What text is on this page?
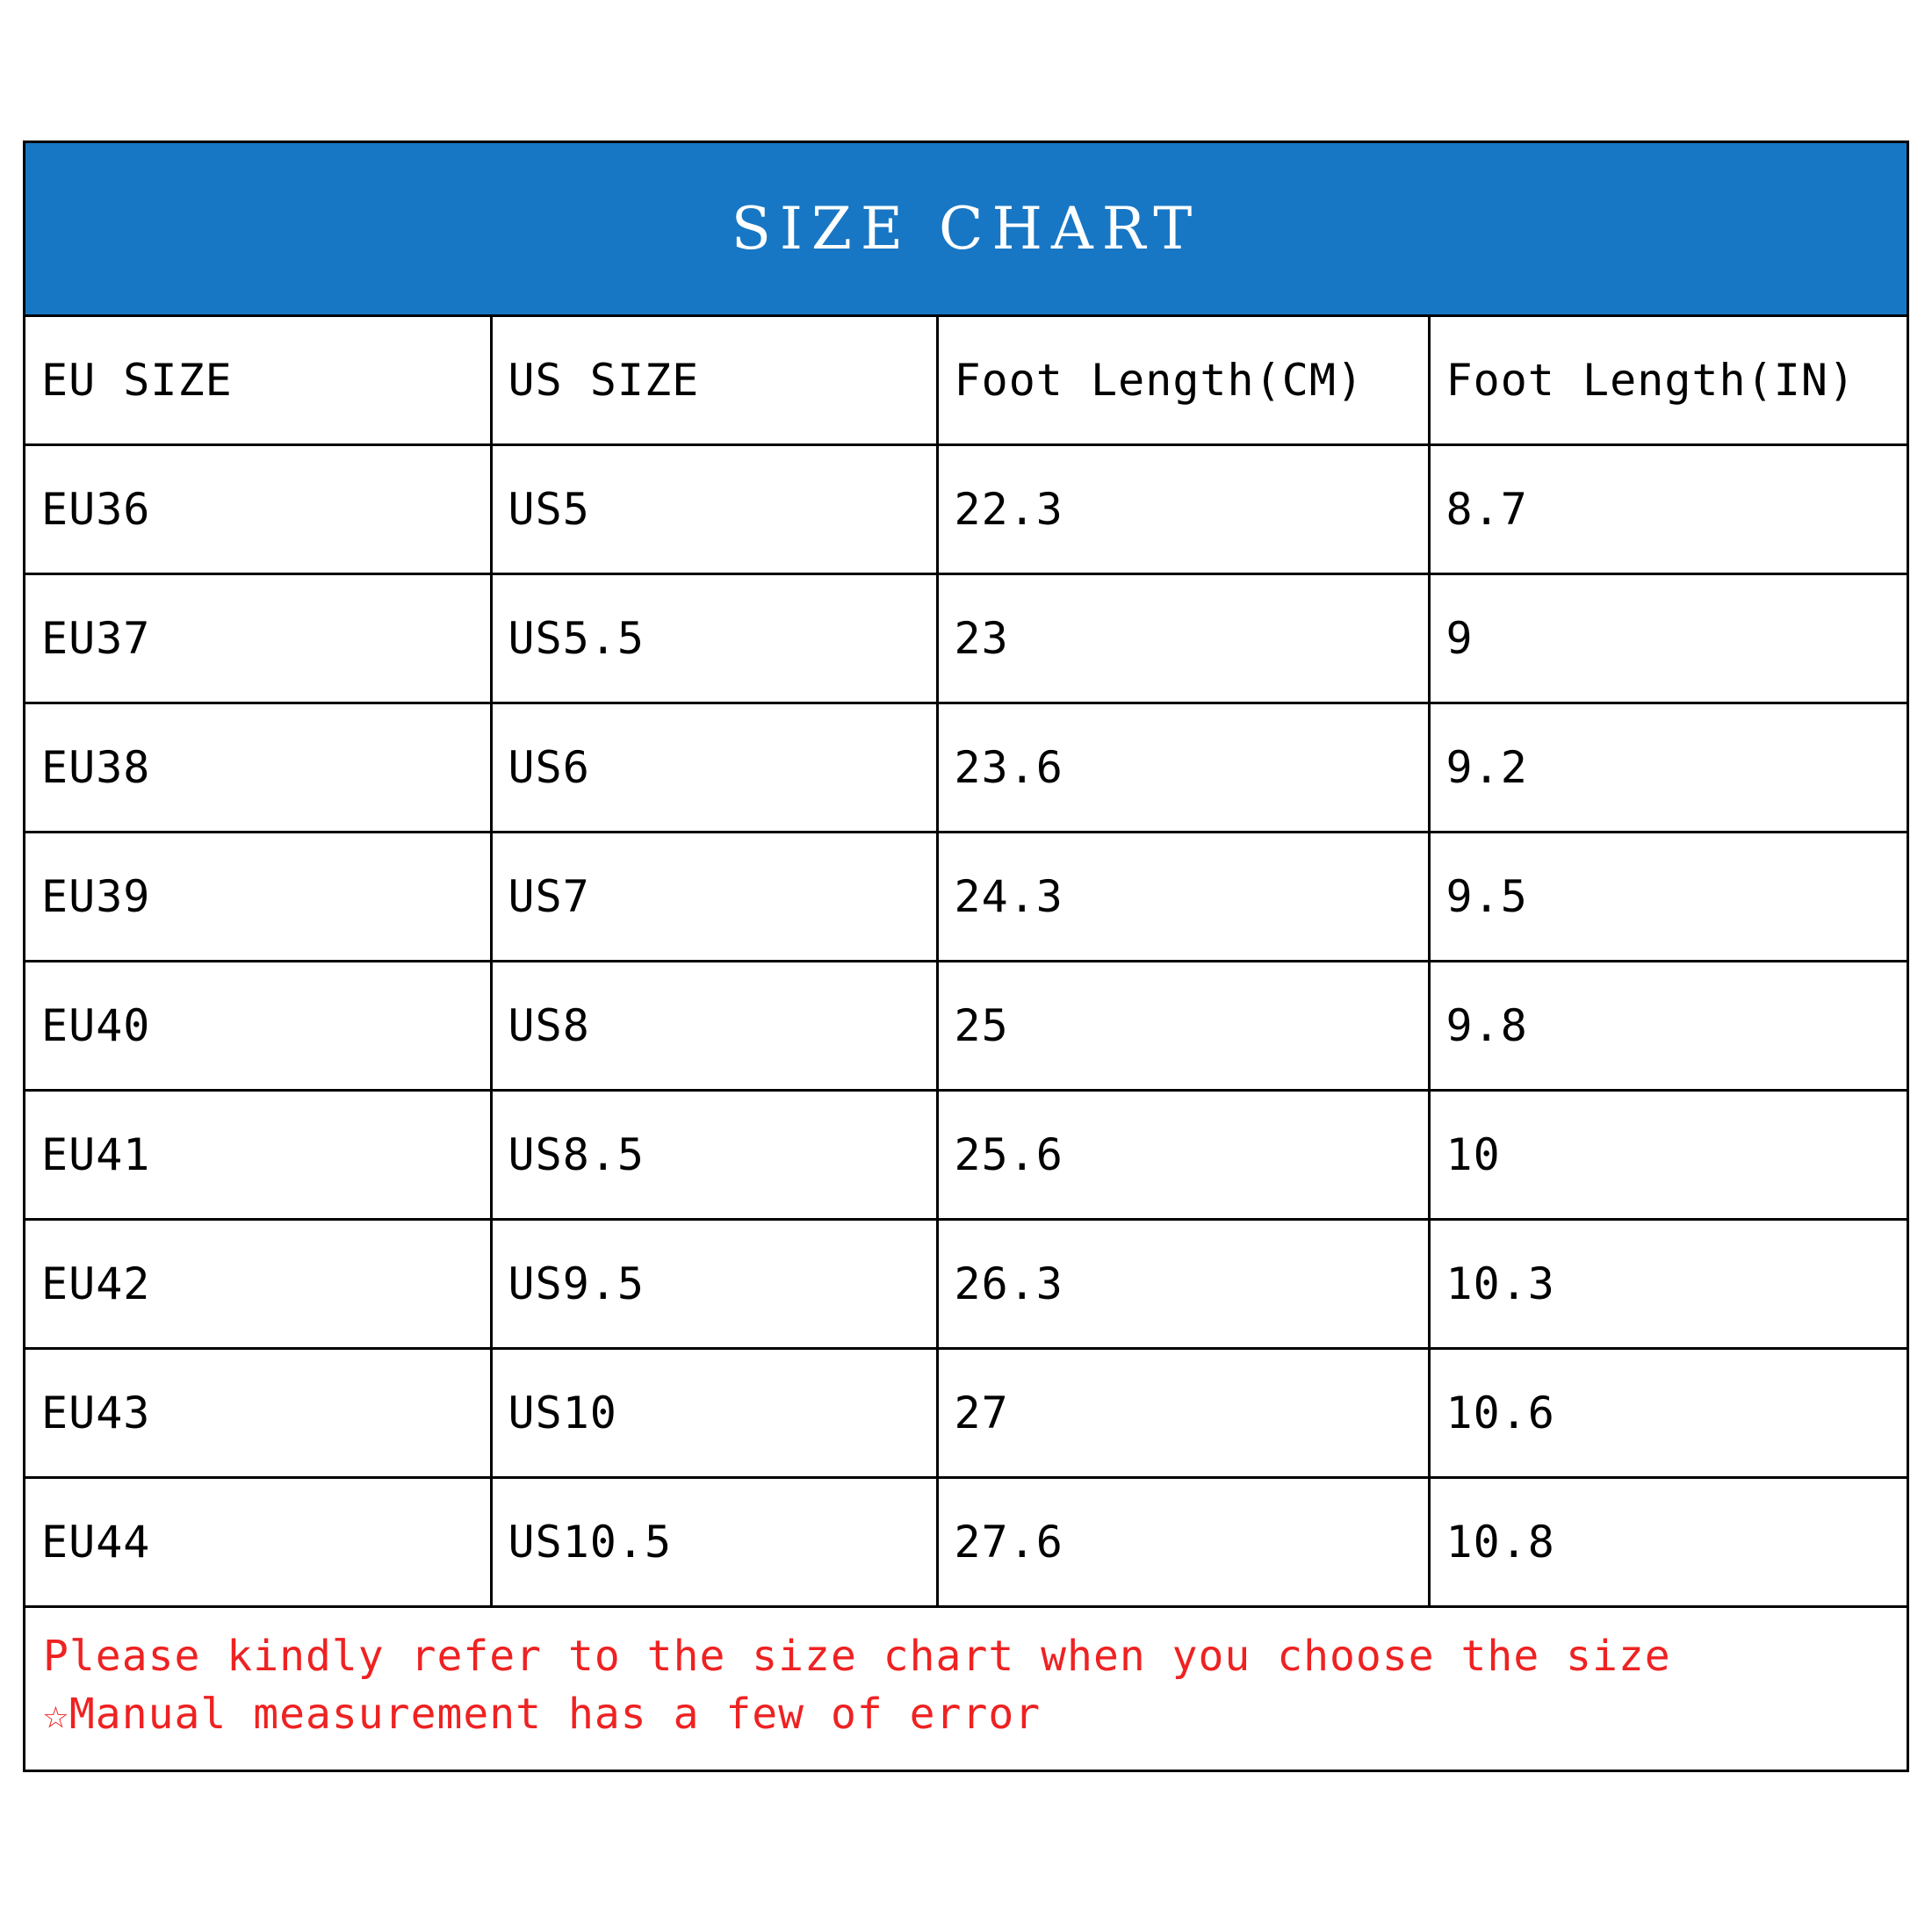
SIZE CHART
EU SIZE	US SIZE	Foot Length(CM)	Foot Length(IN)
EU36	US5	22.3	8.7
EU37	US5.5	23	9
EU38	US6	23.6	9.2
EU39	US7	24.3	9.5
EU40	US8	25	9.8
EU41	US8.5	25.6	10
EU42	US9.5	26.3	10.3
EU43	US10	27	10.6
EU44	US10.5	27.6	10.8
Please kindly refer to the size chart when you choose the size
☆Manual measurement has a few of error
